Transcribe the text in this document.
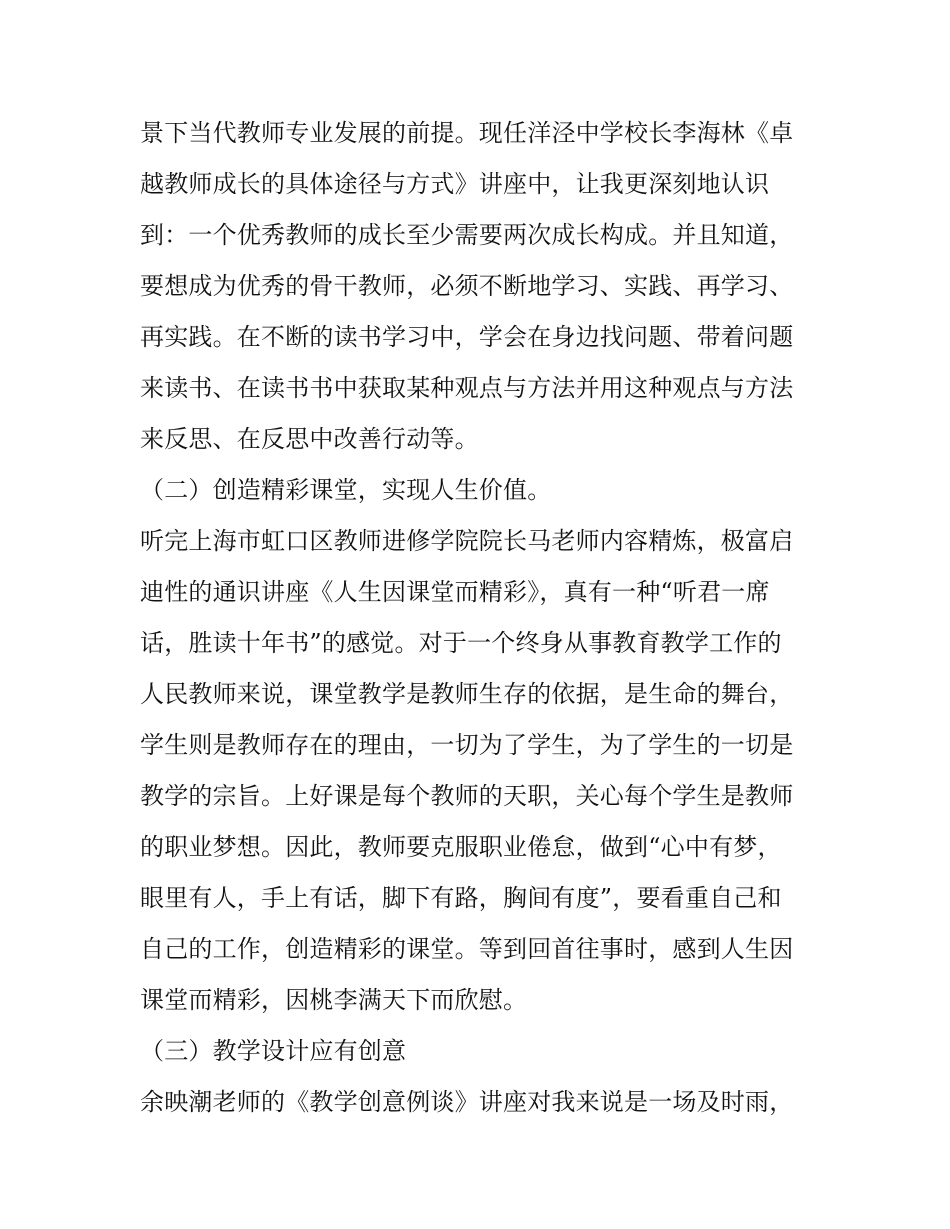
景下当代教师专业发展的前提。现任洋泾中学校长李海林《卓
越教师成长的具体途径与方式》讲座中，让我更深刻地认识
到：一个优秀教师的成长至少需要两次成长构成。并且知道，
要想成为优秀的骨干教师，必须不断地学习、实践、再学习、
再实践。在不断的读书学习中，学会在身边找问题、带着问题
来读书、在读书书中获取某种观点与方法并用这种观点与方法
来反思、在反思中改善行动等。
（二）创造精彩课堂，实现人生价值。
听完上海市虹口区教师进修学院院长马老师内容精炼，极富启
迪性的通识讲座《人生因课堂而精彩》，真有一种“听君一席
话，胜读十年书”的感觉。对于一个终身从事教育教学工作的
人民教师来说，课堂教学是教师生存的依据，是生命的舞台，
学生则是教师存在的理由，一切为了学生，为了学生的一切是
教学的宗旨。上好课是每个教师的天职，关心每个学生是教师
的职业梦想。因此，教师要克服职业倦怠，做到“心中有梦，
眼里有人，手上有话，脚下有路，胸间有度”，要看重自己和
自己的工作，创造精彩的课堂。等到回首往事时，感到人生因
课堂而精彩，因桃李满天下而欣慰。
（三）教学设计应有创意
余映潮老师的《教学创意例谈》讲座对我来说是一场及时雨，
